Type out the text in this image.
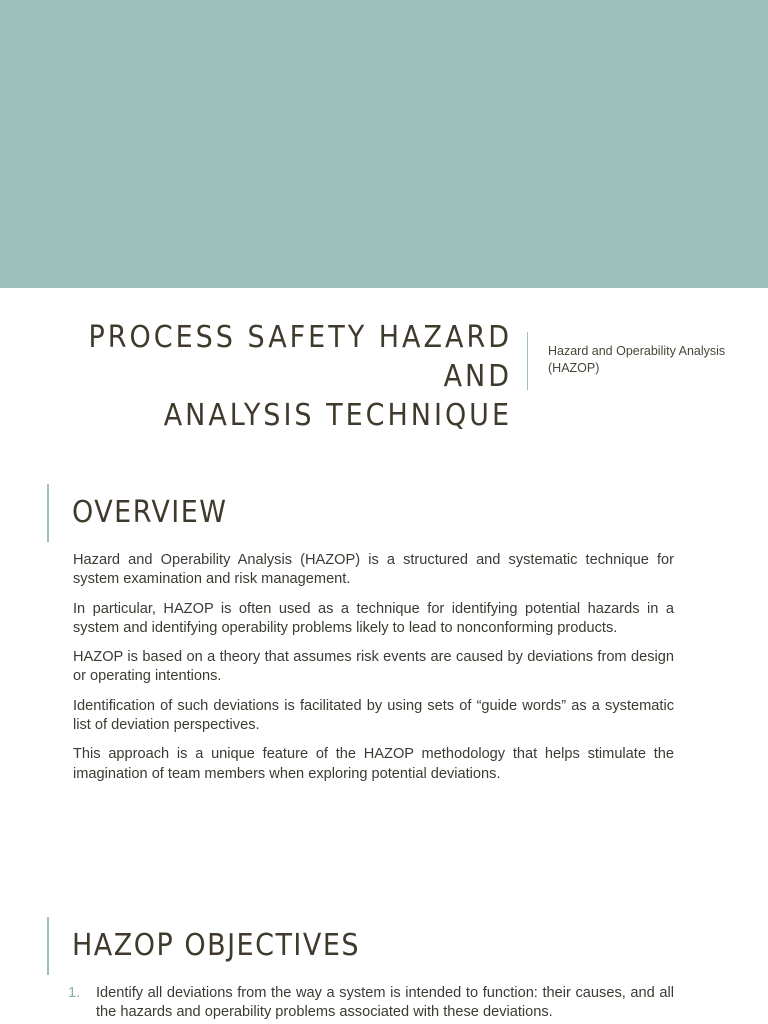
PROCESS SAFETY HAZARD AND
ANALYSIS TECHNIQUE
Hazard and Operability Analysis (HAZOP)
OVERVIEW

Hazard and Operability Analysis (HAZOP) is a structured and systematic technique for system examination and risk management.

In particular, HAZOP is often used as a technique for identifying potential hazards in a system and identifying operability problems likely to lead to nonconforming products.

HAZOP is based on a theory that assumes risk events are caused by deviations from design or operating intentions.

Identification of such deviations is facilitated by using sets of “guide words” as a systematic list of deviation perspectives.

This approach is a unique feature of the HAZOP methodology that helps stimulate the imagination of team members when exploring potential deviations.

HAZOP OBJECTIVES
1.	Identify all deviations from the way a system is intended to function: their causes, and all the hazards and operability problems associated with these deviations.
